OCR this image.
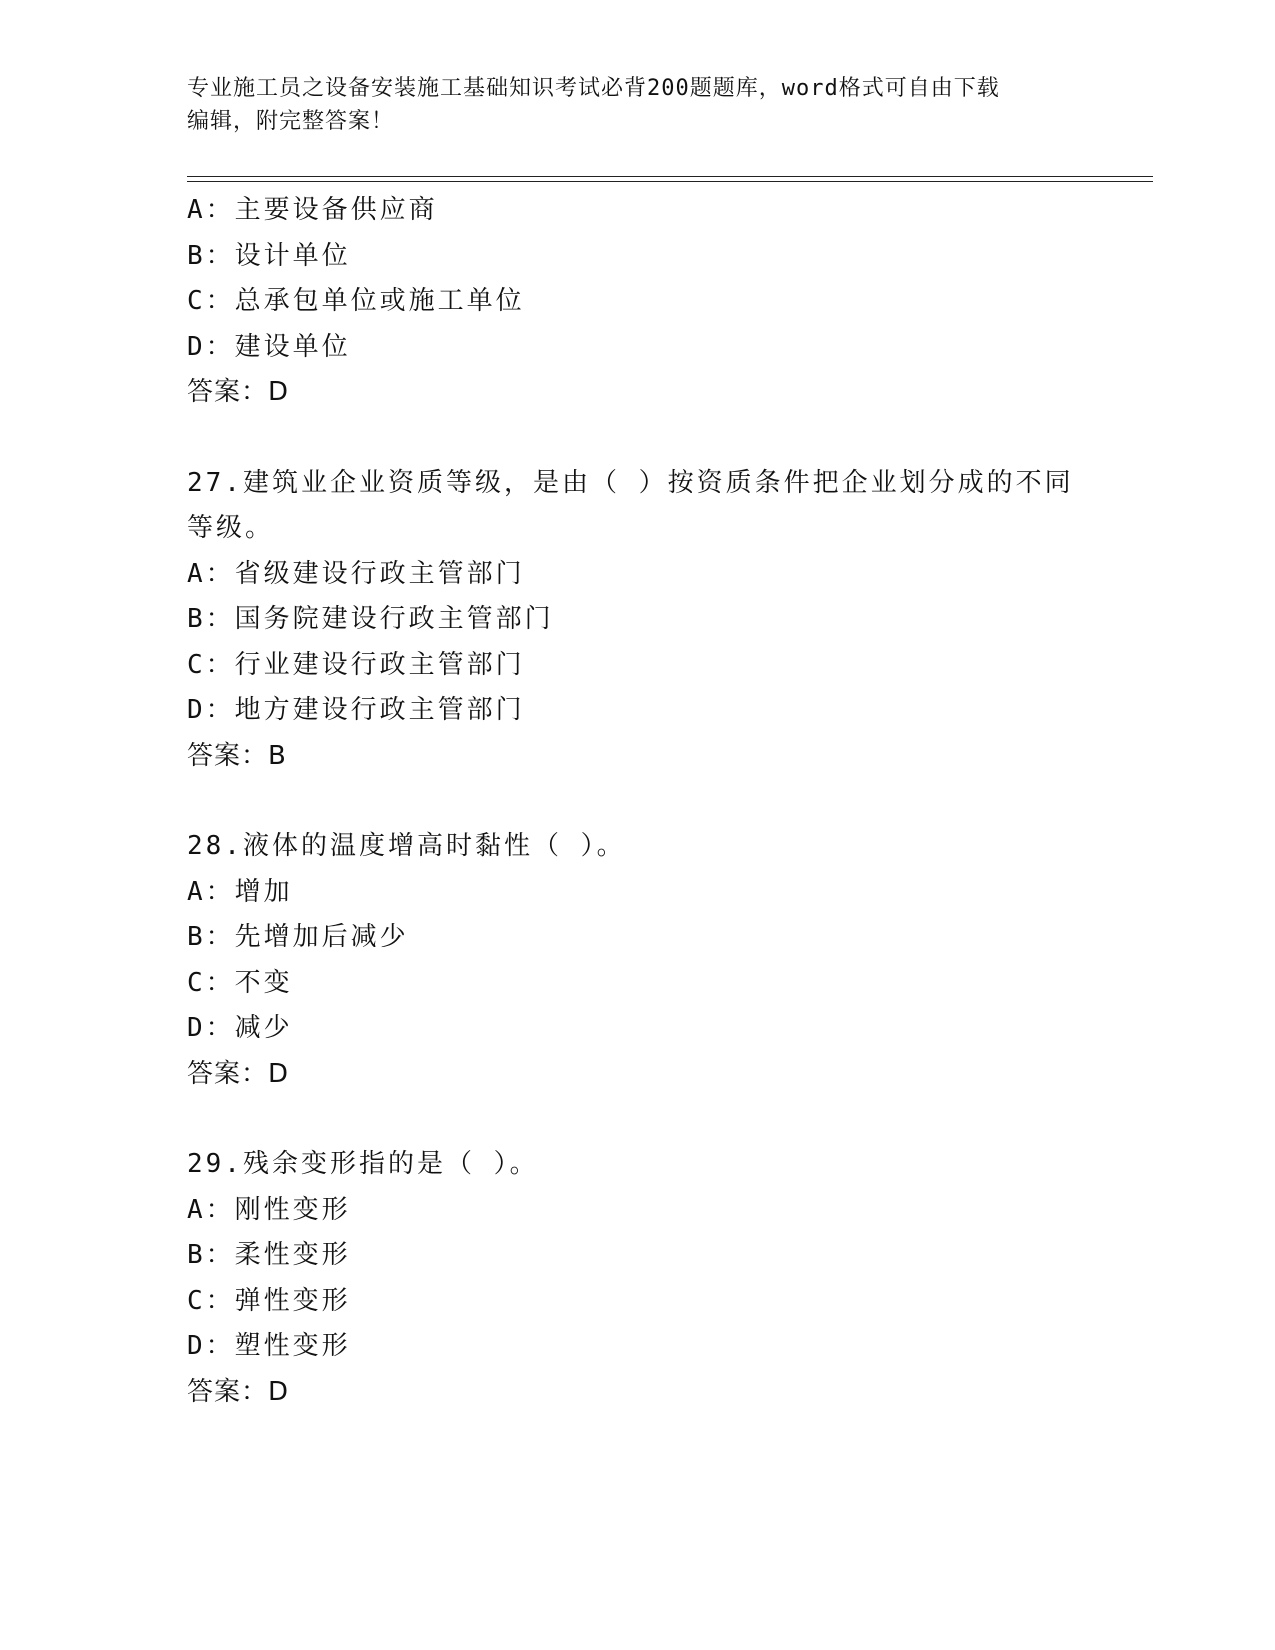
专业施工员之设备安装施工基础知识考试必背200题题库，word格式可自由下载
编辑，附完整答案！
A：主要设备供应商
B：设计单位
C：总承包单位或施工单位
D：建设单位
答案：D
27.建筑业企业资质等级，是由（ ）按资质条件把企业划分成的不同等级。
A：省级建设行政主管部门
B：国务院建设行政主管部门
C：行业建设行政主管部门
D：地方建设行政主管部门
答案：B
28.液体的温度增高时黏性（ ）。
A：增加
B：先增加后减少
C：不变
D：减少
答案：D
29.残余变形指的是（ ）。
A：刚性变形
B：柔性变形
C：弹性变形
D：塑性变形
答案：D
